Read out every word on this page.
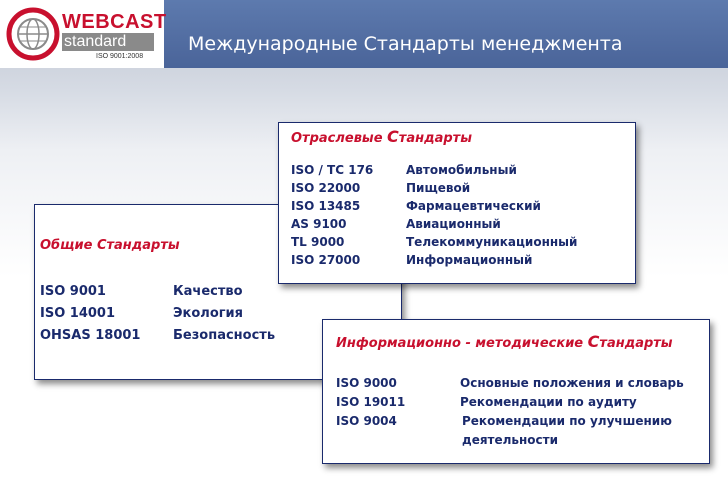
WEBCAST
standard
ISO 9001:2008
Международные Стандарты менеджмента
Общие Стандарты
ISO 9001	Качество
ISO 14001	Экология
OHSAS 18001	Безопасность
Отраслевые Стандарты
ISO / TC 176	Автомобильный
ISO 22000	Пищевой
ISO 13485	Фармацевтический
AS 9100	Авиационный
TL 9000	Телекоммуникационный
ISO 27000	Информационный
Информационно - методические Стандарты
ISO 9000	Основные положения и словарь
ISO 19011	Рекомендации по аудиту
ISO 9004	Рекомендации по улучшению
деятельности
